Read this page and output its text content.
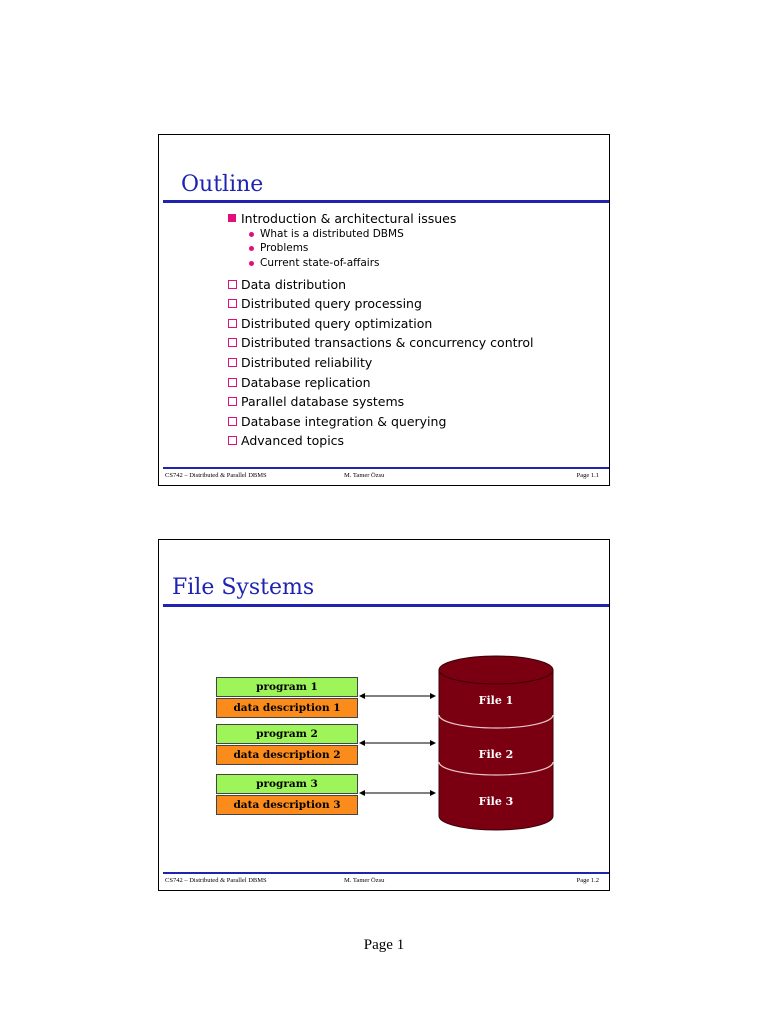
Outline
Introduction & architectural issues
What is a distributed DBMS
Problems
Current state-of-affairs
Data distribution
Distributed query processing
Distributed query optimization
Distributed transactions & concurrency control
Distributed reliability
Database replication
Parallel database systems
Database integration & querying
Advanced topics
CS742 – Distributed & Parallel DBMS	M. Tamer Özsu	Page 1.1
File Systems
program 1
data description 1
program 2
data description 2
program 3
data description 3
File 1
File 2
File 3
CS742 – Distributed & Parallel DBMS	M. Tamer Özsu	Page 1.2
Page 1
